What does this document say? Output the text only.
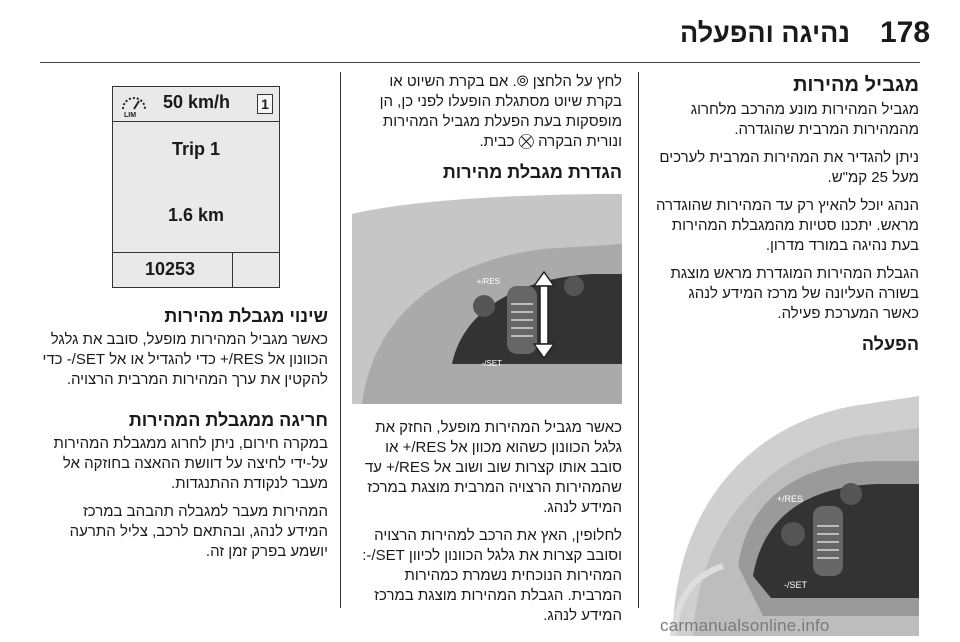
178
נהיגה והפעלה
מגביל מהירות

מגביל המהירות מונע מהרכב מלחרוג מהמהירות המרבית שהוגדרה.

ניתן להגדיר את המהירות המרבית לערכים מעל 25 קמ"ש.

הנהג יוכל להאיץ רק עד המהירות שהוגדרה מראש. יתכנו סטיות מהמגבלת המהירות בעת נהיגה במורד מדרון.

הגבלת המהירות המוגדרת מראש מוצגת בשורה העליונה של מרכז המידע לנהג כאשר המערכת פעילה.

הפעלה
RES/+
SET/-

לחץ על הלחצן ⦾. אם בקרת השיוט או בקרת שיוט מסתגלת הופעלו לפני כן, הן מופסקות בעת הפעלת מגביל המהירות ונורית הבקרה ⛒ כבית.

הגדרת מגבלת מהירות
RES/+
SET/-

כאשר מגביל המהירות מופעל, החזק את גלגל הכוונון כשהוא מכוון אל RES/+ או סובב אותו קצרות שוב ושוב אל RES/+ עד שהמהירות הרצויה המרבית מוצגת במרכז המידע לנהג.

לחלופין, האץ את הרכב למהירות הרצויה וסובב קצרות את גלגל הכוונון לכיוון SET/-: המהירות הנוכחית נשמרת כמהירות המרבית. הגבלת המהירות מוצגת במרכז המידע לנהג.

LIM
50 km/h 1
Trip 1
1.6 km
10253
שינוי מגבלת מהירות

כאשר מגביל המהירות מופעל, סובב את גלגל הכוונון אל RES/+ כדי להגדיל או אל SET/- כדי להקטין את ערך המהירות המרבית הרצויה.

חריגה ממגבלת המהירות

במקרה חירום, ניתן לחרוג ממגבלת המהירות על-ידי לחיצה על דוושת ההאצה בחוזקה אל מעבר לנקודת ההתנגדות.

המהירות מעבר למגבלה תהבהב במרכז המידע לנהג, ובהתאם לרכב, צליל התרעה יושמע בפרק זמן זה.

carmanualsonline.info
